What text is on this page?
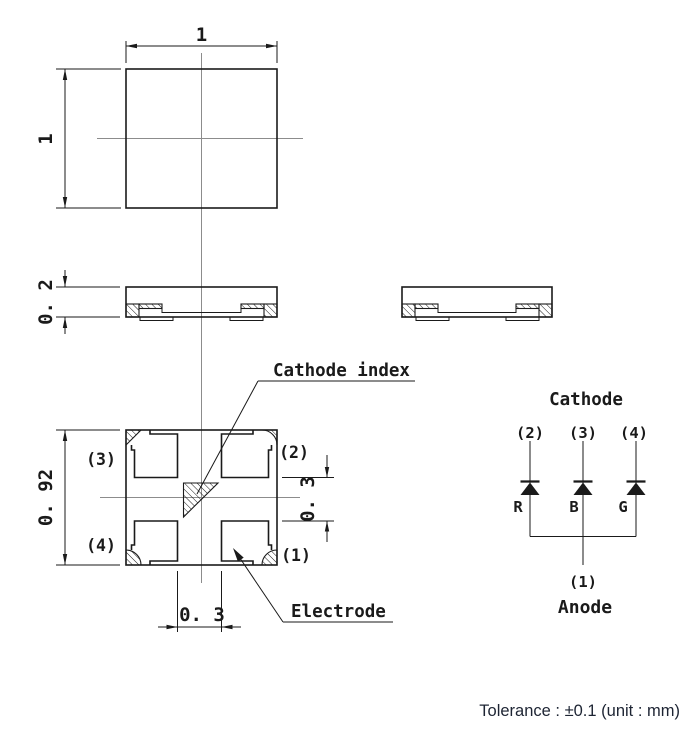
1
1
0. 2
(3)	(2)
(4)
(1)
0. 92	0. 3
0. 3
Cathode index
Electrode
Cathode
(2) (3) (4)
R	B	G
(1)
Anode
Tolerance : ±0.1 (unit : mm)
